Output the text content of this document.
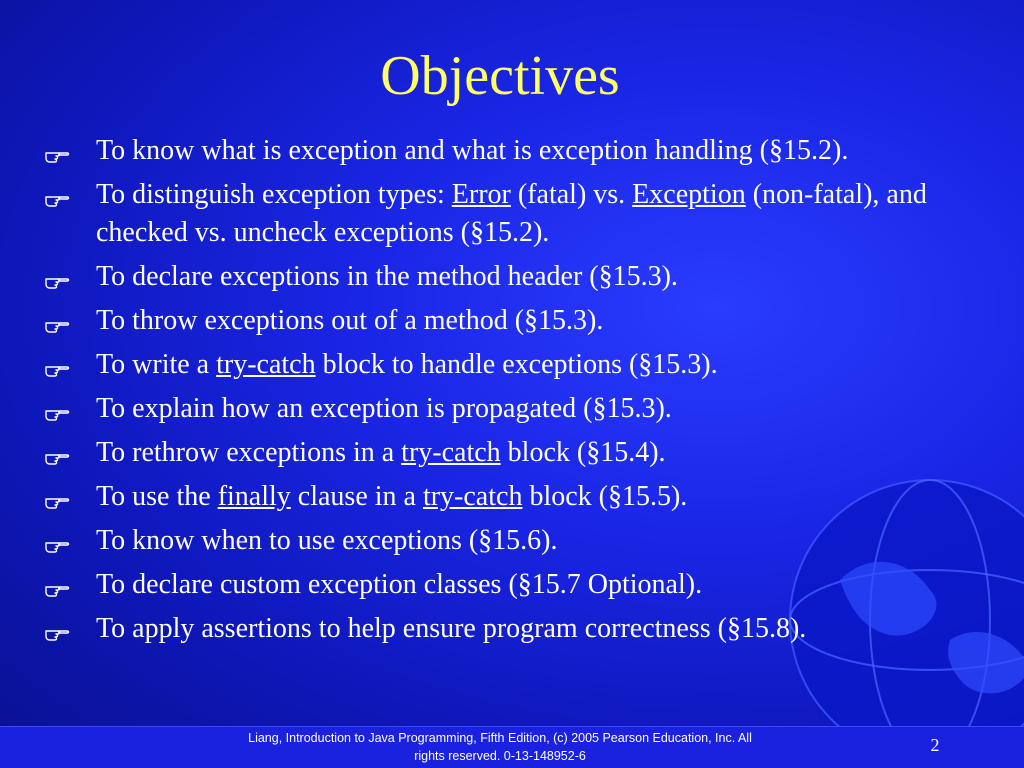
Objectives
To know what is exception and what is exception handling (§15.2).
To distinguish exception types: Error (fatal) vs. Exception (non-fatal), and checked vs. uncheck exceptions (§15.2).
To declare exceptions in the method header (§15.3).
To throw exceptions out of a method (§15.3).
To write a try-catch block to handle exceptions (§15.3).
To explain how an exception is propagated (§15.3).
To rethrow exceptions in a try-catch block (§15.4).
To use the finally clause in a try-catch block (§15.5).
To know when to use exceptions (§15.6).
To declare custom exception classes (§15.7 Optional).
To apply assertions to help ensure program correctness (§15.8).
Liang, Introduction to Java Programming, Fifth Edition, (c) 2005 Pearson Education, Inc. All
rights reserved. 0-13-148952-6
2
